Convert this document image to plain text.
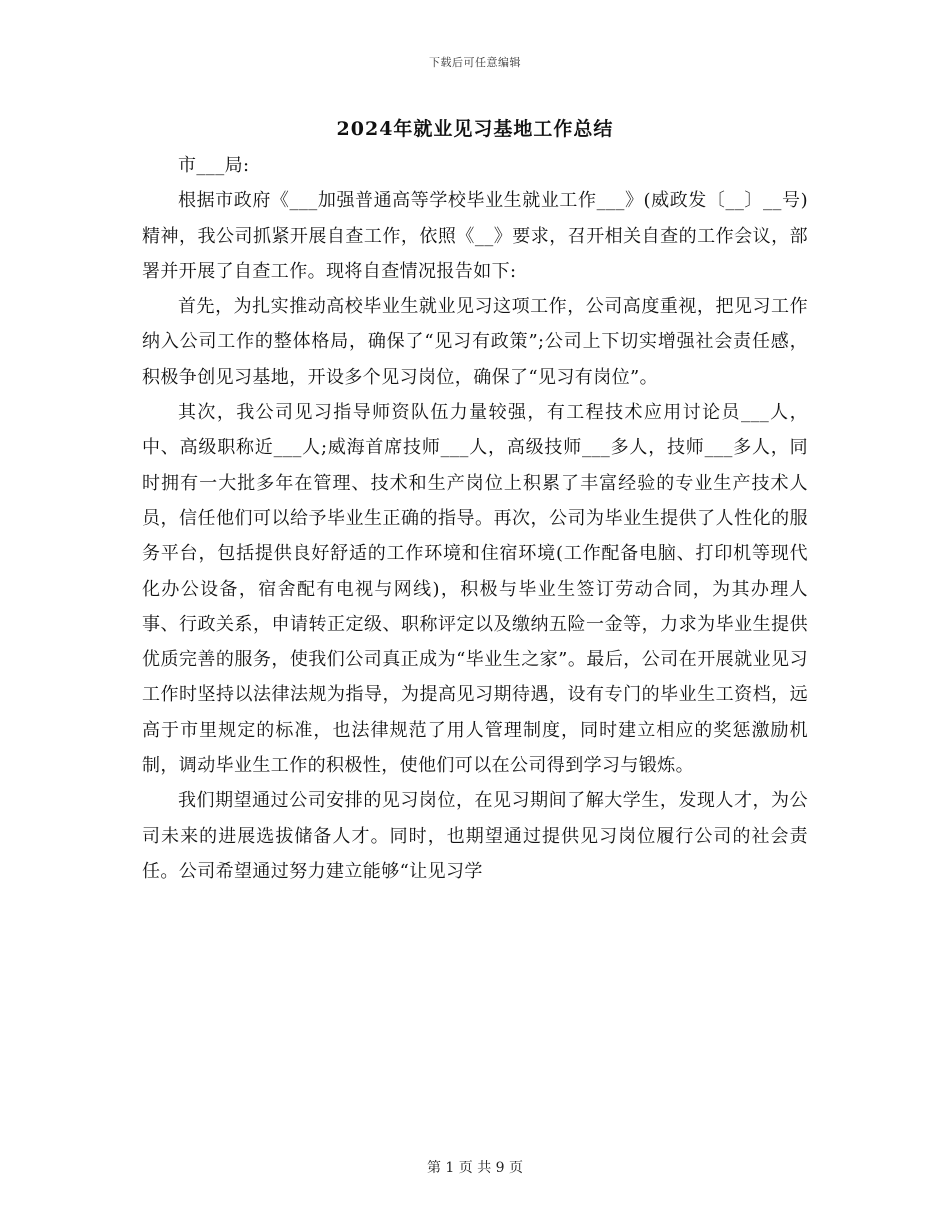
下载后可任意编辑
2024年就业见习基地工作总结

市___局:

根据市政府《___加强普通高等学校毕业生就业工作___》(威政发〔__〕__号)精神，我公司抓紧开展自查工作，依照《__》要求，召开相关自查的工作会议，部署并开展了自查工作。现将自查情况报告如下:

首先，为扎实推动高校毕业生就业见习这项工作，公司高度重视，把见习工作纳入公司工作的整体格局，确保了“见习有政策”;公司上下切实增强社会责任感，积极争创见习基地，开设多个见习岗位，确保了“见习有岗位”。

其次，我公司见习指导师资队伍力量较强，有工程技术应用讨论员___人，中、高级职称近___人;威海首席技师___人，高级技师___多人，技师___多人，同时拥有一大批多年在管理、技术和生产岗位上积累了丰富经验的专业生产技术人员，信任他们可以给予毕业生正确的指导。再次，公司为毕业生提供了人性化的服务平台，包括提供良好舒适的工作环境和住宿环境(工作配备电脑、打印机等现代化办公设备，宿舍配有电视与网线)，积极与毕业生签订劳动合同，为其办理人事、行政关系，申请转正定级、职称评定以及缴纳五险一金等，力求为毕业生提供优质完善的服务，使我们公司真正成为“毕业生之家”。最后，公司在开展就业见习工作时坚持以法律法规为指导，为提高见习期待遇，设有专门的毕业生工资档，远高于市里规定的标准，也法律规范了用人管理制度，同时建立相应的奖惩激励机制，调动毕业生工作的积极性，使他们可以在公司得到学习与锻炼。

我们期望通过公司安排的见习岗位，在见习期间了解大学生，发现人才，为公司未来的进展选拔储备人才。同时，也期望通过提供见习岗位履行公司的社会责任。公司希望通过努力建立能够“让见习学

第 1 页 共 9 页
